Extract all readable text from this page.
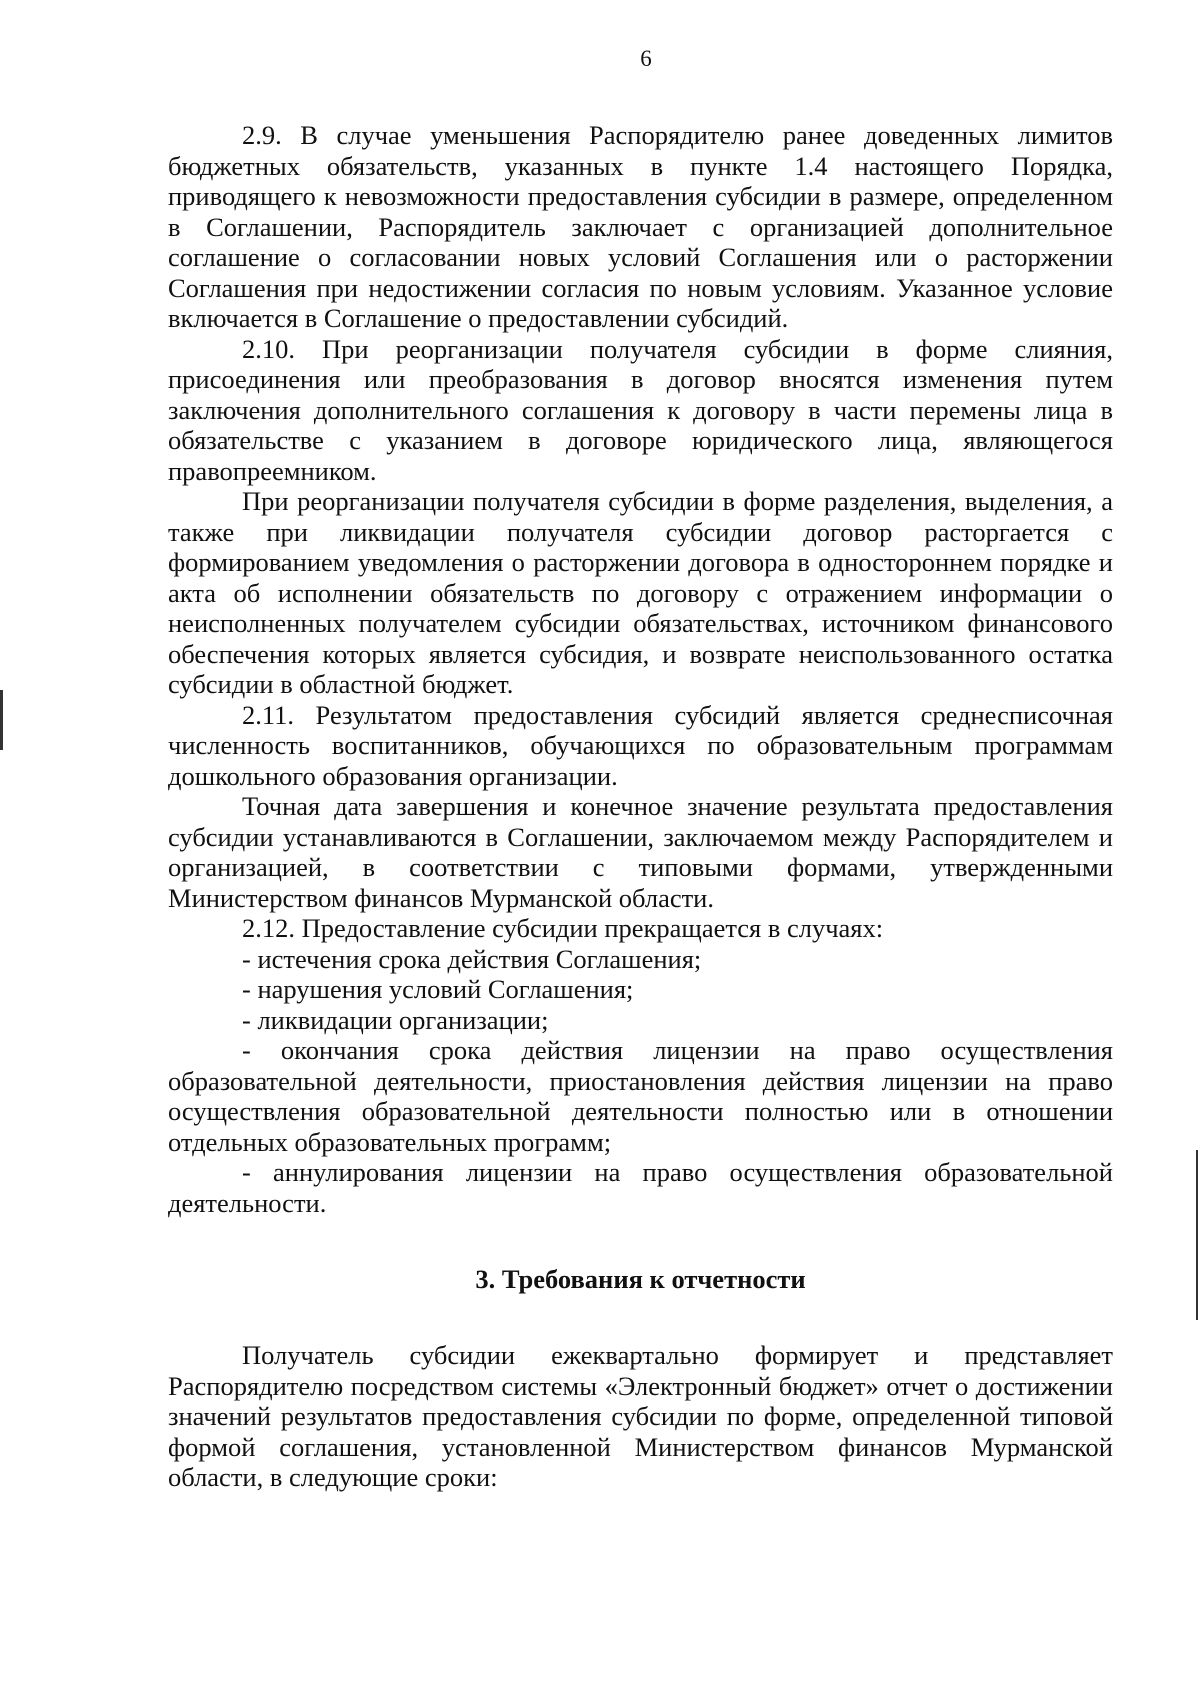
6

2.9. В случае уменьшения Распорядителю ранее доведенных лимитов бюджетных обязательств, указанных в пункте 1.4 настоящего Порядка, приводящего к невозможности предоставления субсидии в размере, определенном в Соглашении, Распорядитель заключает с организацией дополнительное соглашение о согласовании новых условий Соглашения или о расторжении Соглашения при недостижении согласия по новым условиям. Указанное условие включается в Соглашение о предоставлении субсидий.

2.10. При реорганизации получателя субсидии в форме слияния, присоединения или преобразования в договор вносятся изменения путем заключения дополнительного соглашения к договору в части перемены лица в обязательстве с указанием в договоре юридического лица, являющегося правопреемником.

При реорганизации получателя субсидии в форме разделения, выделения, а также при ликвидации получателя субсидии договор расторгается с формированием уведомления о расторжении договора в одностороннем порядке и акта об исполнении обязательств по договору с отражением информации о неисполненных получателем субсидии обязательствах, источником финансового обеспечения которых является субсидия, и возврате неиспользованного остатка субсидии в областной бюджет.

2.11. Результатом предоставления субсидий является среднесписочная численность воспитанников, обучающихся по образовательным программам дошкольного образования организации.

Точная дата завершения и конечное значение результата предоставления субсидии устанавливаются в Соглашении, заключаемом между Распорядителем и организацией, в соответствии с типовыми формами, утвержденными Министерством финансов Мурманской области.

2.12. Предоставление субсидии прекращается в случаях:

- истечения срока действия Соглашения;

- нарушения условий Соглашения;

- ликвидации организации;

- окончания срока действия лицензии на право осуществления образовательной деятельности, приостановления действия лицензии на право осуществления образовательной деятельности полностью или в отношении отдельных образовательных программ;

- аннулирования лицензии на право осуществления образовательной деятельности.

3. Требования к отчетности

Получатель субсидии ежеквартально формирует и представляет Распорядителю посредством системы «Электронный бюджет» отчет о достижении значений результатов предоставления субсидии по форме, определенной типовой формой соглашения, установленной Министерством финансов Мурманской области, в следующие сроки:
